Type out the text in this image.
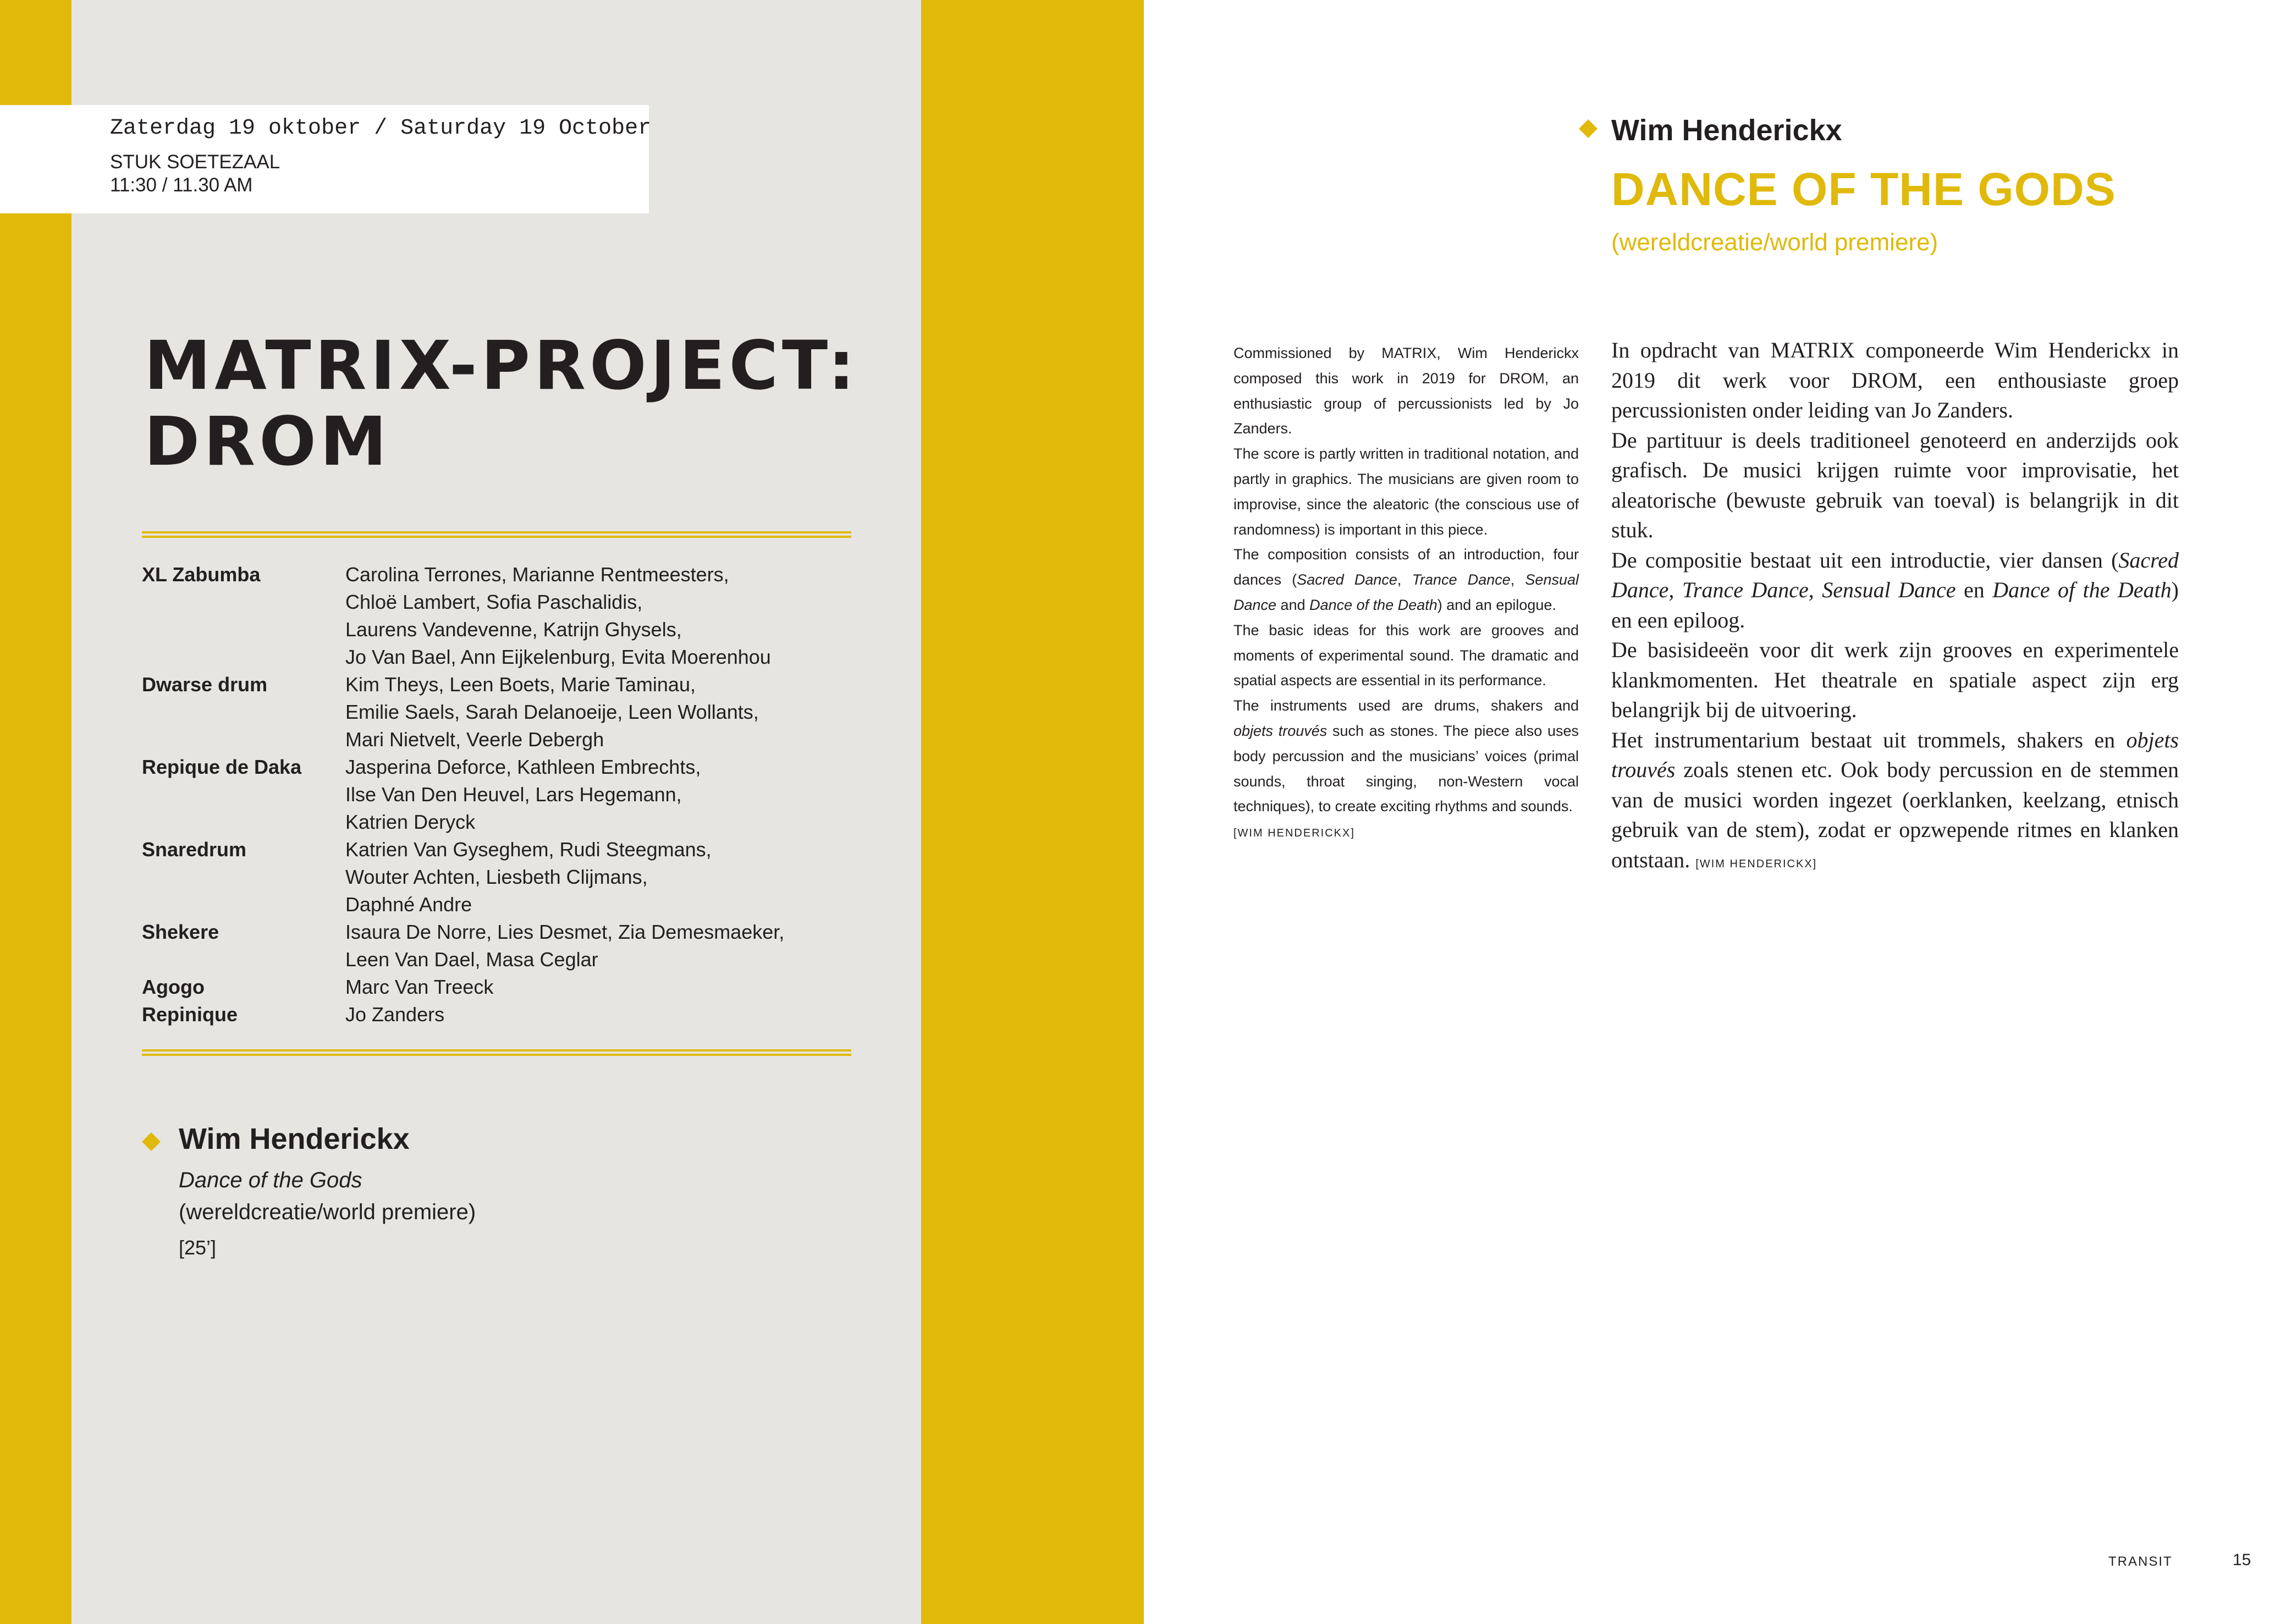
Zaterdag 19 oktober / Saturday 19 October
STUK SOETEZAAL
11:30 / 11.30 AM
MATRIX-PROJECT:
DROM
XL Zabumba	Carolina Terrones, Marianne Rentmeesters,
Chloë Lambert, Sofia Paschalidis,
Laurens Vandevenne, Katrijn Ghysels,
Jo Van Bael, Ann Eijkelenburg, Evita Moerenhou
Dwarse drum	Kim Theys, Leen Boets, Marie Taminau,
Emilie Saels, Sarah Delanoeije, Leen Wollants,
Mari Nietvelt, Veerle Debergh
Repique de Daka	Jasperina Deforce, Kathleen Embrechts,
Ilse Van Den Heuvel, Lars Hegemann,
Katrien Deryck
Snaredrum	Katrien Van Gyseghem, Rudi Steegmans,
Wouter Achten, Liesbeth Clijmans,
Daphné Andre
Shekere	Isaura De Norre, Lies Desmet, Zia Demesmaeker,
Leen Van Dael, Masa Ceglar
Agogo	Marc Van Treeck
Repinique	Jo Zanders
Wim Henderickx
Dance of the Gods
(wereldcreatie/world premiere)
[25’]
Wim Henderickx
DANCE OF THE GODS
(wereldcreatie/world premiere)

Commissioned by MATRIX, Wim Henderickx composed this work in 2019 for DROM, an enthusiastic group of percussionists led by Jo Zanders.

The score is partly written in traditional notation, and partly in graphics. The musicians are given room to improvise, since the aleatoric (the conscious use of randomness) is important in this piece.

The composition consists of an introduction, four dances (Sacred Dance, Trance Dance, Sensual Dance and Dance of the Death) and an epilogue.

The basic ideas for this work are grooves and moments of experimental sound. The dramatic and spatial aspects are essential in its performance.

The instruments used are drums, shakers and objets trouvés such as stones. The piece also uses body percussion and the musicians’ voices (primal sounds, throat singing, non-Western vocal techniques), to create exciting rhythms and sounds.

[WIM HENDERICKX]

In opdracht van MATRIX componeerde Wim Henderickx in 2019 dit werk voor DROM, een enthousiaste groep percussionisten onder leiding van Jo Zanders.

De partituur is deels traditioneel genoteerd en anderzijds ook grafisch. De musici krijgen ruimte voor improvisatie, het aleatorische (bewuste gebruik van toeval) is belangrijk in dit stuk.

De compositie bestaat uit een introductie, vier dansen (Sacred Dance, Trance Dance, Sensual Dance en Dance of the Death) en een epiloog.

De basisideeën voor dit werk zijn grooves en experimentele klankmomenten. Het theatrale en spatiale aspect zijn erg belangrijk bij de uitvoering.

Het instrumentarium bestaat uit trommels, shakers en objets trouvés zoals stenen etc. Ook body percussion en de stemmen van de musici worden ingezet (oerklanken, keelzang, etnisch gebruik van de stem), zodat er opzwepende ritmes en klanken ontstaan. [WIM HENDERICKX]

TRANSIT	15
